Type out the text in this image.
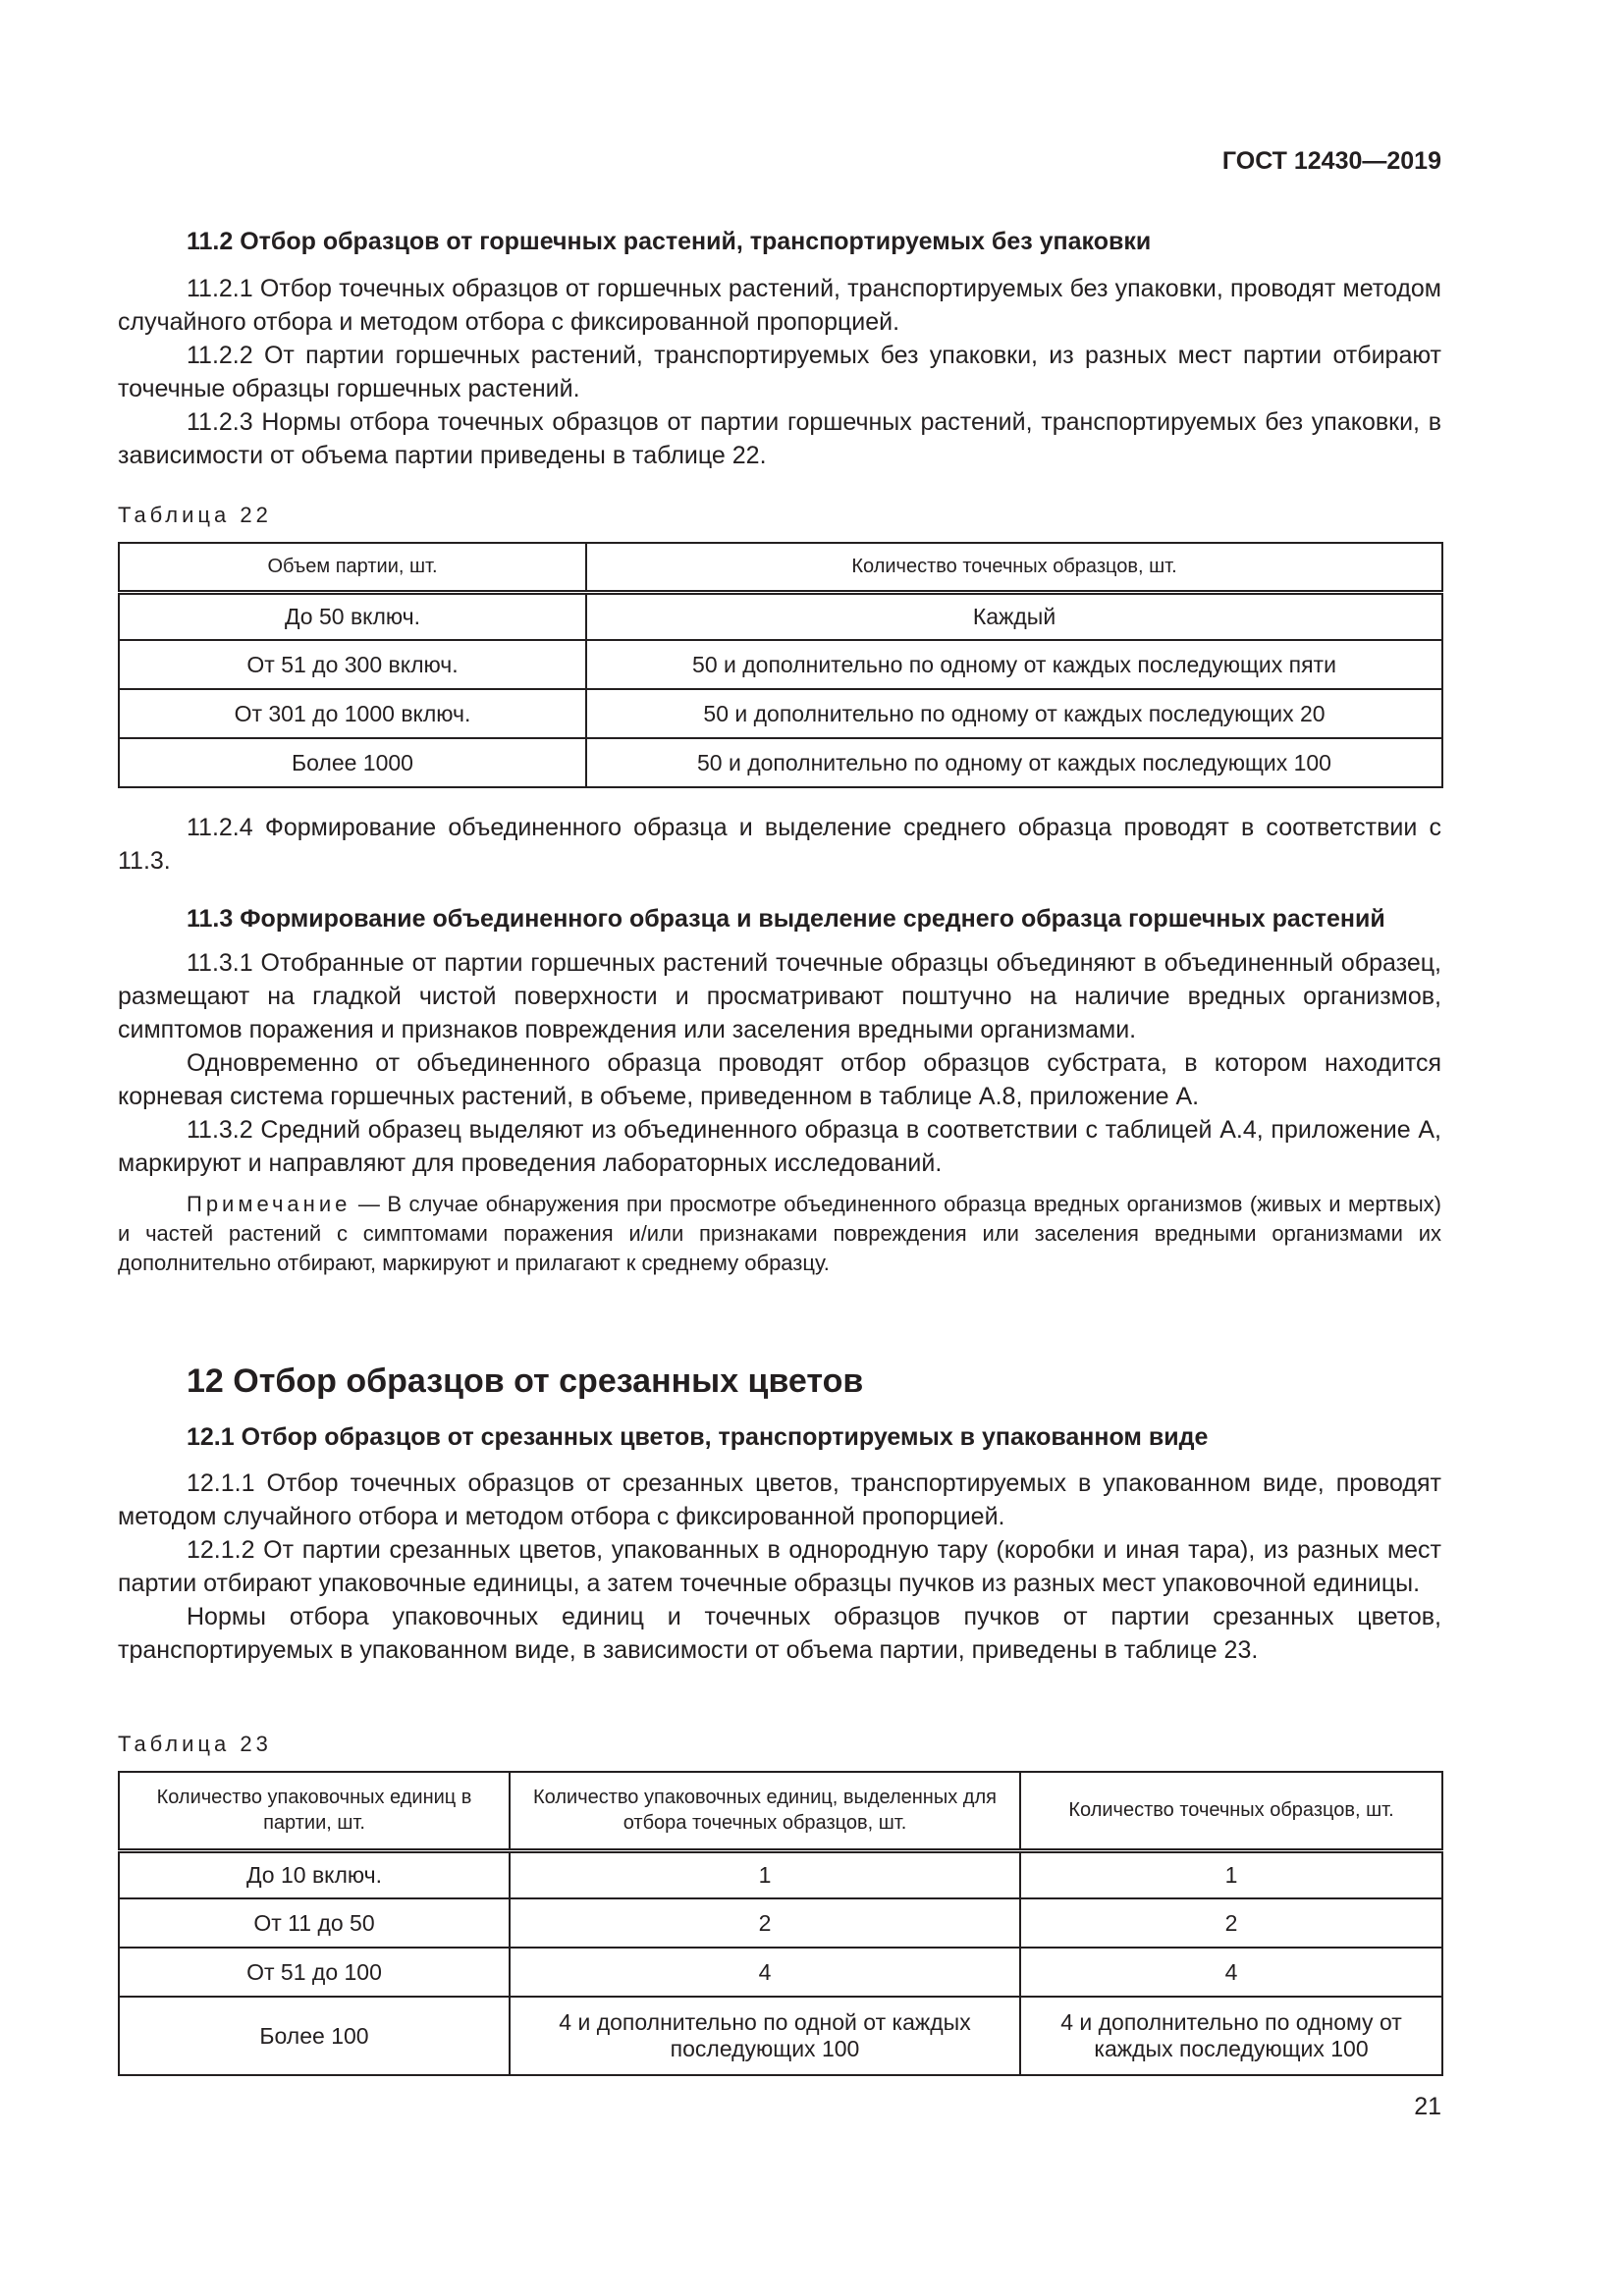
ГОСТ 12430—2019
11.2 Отбор образцов от горшечных растений, транспортируемых без упаковки

11.2.1 Отбор точечных образцов от горшечных растений, транспортируемых без упаковки, проводят методом случайного отбора и методом отбора с фиксированной пропорцией.

11.2.2 От партии горшечных растений, транспортируемых без упаковки, из разных мест партии отбирают точечные образцы горшечных растений.

11.2.3 Нормы отбора точечных образцов от партии горшечных растений, транспортируемых без упаковки, в зависимости от объема партии приведены в таблице 22.

Таблица 22
Объем партии, шт.	Количество точечных образцов, шт.
До 50 включ.	Каждый
От 51 до 300 включ.	50 и дополнительно по одному от каждых последующих пяти
От 301 до 1000 включ.	50 и дополнительно по одному от каждых последующих 20
Более 1000	50 и дополнительно по одному от каждых последующих 100

11.2.4 Формирование объединенного образца и выделение среднего образца проводят в соответствии с 11.3.

11.3 Формирование объединенного образца и выделение среднего образца горшечных растений

11.3.1 Отобранные от партии горшечных растений точечные образцы объединяют в объединенный образец, размещают на гладкой чистой поверхности и просматривают поштучно на наличие вредных организмов, симптомов поражения и признаков повреждения или заселения вредными организмами.

Одновременно от объединенного образца проводят отбор образцов субстрата, в котором находится корневая система горшечных растений, в объеме, приведенном в таблице А.8, приложение А.

11.3.2 Средний образец выделяют из объединенного образца в соответствии с таблицей А.4, приложение А, маркируют и направляют для проведения лабораторных исследований.

Примечание — В случае обнаружения при просмотре объединенного образца вредных организмов (живых и мертвых) и частей растений с симптомами поражения и/или признаками повреждения или заселения вредными организмами их дополнительно отбирают, маркируют и прилагают к среднему образцу.

12 Отбор образцов от срезанных цветов
12.1 Отбор образцов от срезанных цветов, транспортируемых в упакованном виде

12.1.1 Отбор точечных образцов от срезанных цветов, транспортируемых в упакованном виде, проводят методом случайного отбора и методом отбора с фиксированной пропорцией.

12.1.2 От партии срезанных цветов, упакованных в однородную тару (коробки и иная тара), из разных мест партии отбирают упаковочные единицы, а затем точечные образцы пучков из разных мест упаковочной единицы.

Нормы отбора упаковочных единиц и точечных образцов пучков от партии срезанных цветов, транспортируемых в упакованном виде, в зависимости от объема партии, приведены в таблице 23.

Таблица 23
Количество упаковочных единиц в партии, шт.	Количество упаковочных единиц, выделенных для отбора точечных образцов, шт.	Количество точечных образцов, шт.
До 10 включ.	1	1
От 11 до 50	2	2
От 51 до 100	4	4
Более 100	4 и дополнительно по одной от каждых последующих 100	4 и дополнительно по одному от каждых последующих 100
21
